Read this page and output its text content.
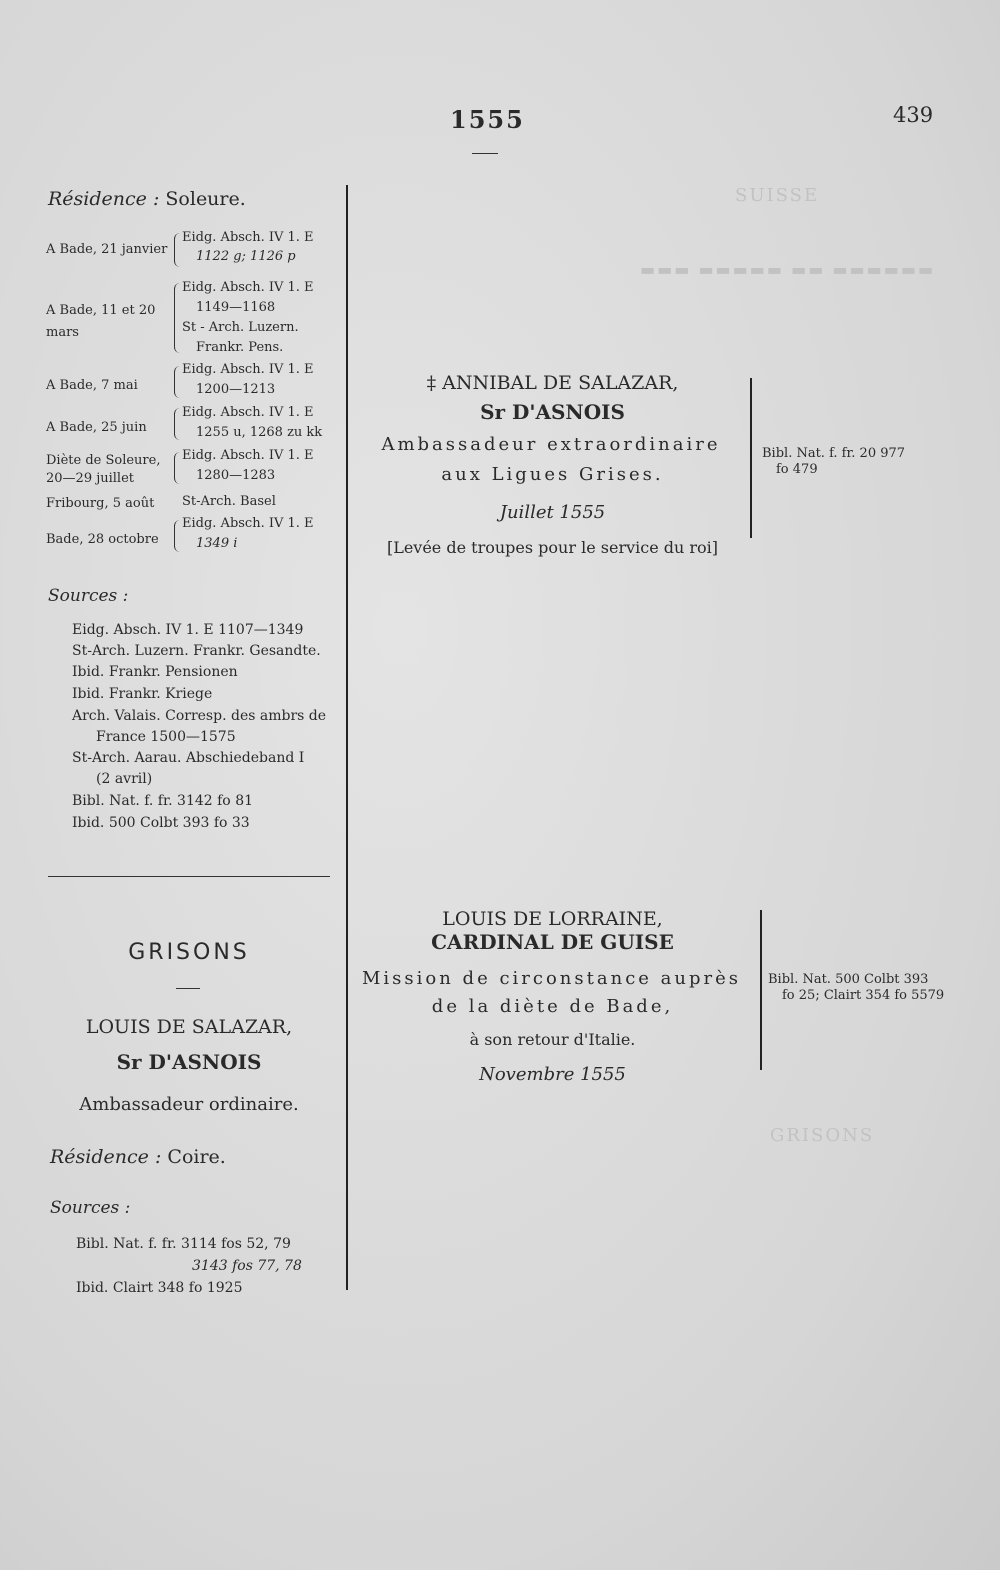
SUISSE
▬▬▬ ▬▬▬▬▬ ▬▬ ▬▬▬▬▬▬
GRISONS
1555	439
Résidence : Soleure.
A Bade, 21 janvier
Eidg. Absch. IV 1. E
1122 g; 1126 p
A Bade, 11 et 20 mars
Eidg. Absch. IV 1. E
1149—1168
St - Arch. Luzern.
Frankr. Pens.
A Bade, 7 mai
Eidg. Absch. IV 1. E
1200—1213
A Bade, 25 juin
Eidg. Absch. IV 1. E
1255 u, 1268 zu kk
Diète de Soleure, 20—29 juillet
Eidg. Absch. IV 1. E
1280—1283
Fribourg, 5 août St-Arch. Basel
Bade, 28 octobre
Eidg. Absch. IV 1. E
1349 i
Sources :
Eidg. Absch. IV 1. E 1107—1349
St-Arch. Luzern. Frankr. Gesandte.
Ibid. Frankr. Pensionen
Ibid. Frankr. Kriege
Arch. Valais. Corresp. des ambrs de
France 1500—1575
St-Arch. Aarau. Abschiedeband I
(2 avril)
Bibl. Nat. f. fr. 3142 fo 81
Ibid. 500 Colbt 393 fo 33
GRISONS
LOUIS DE SALAZAR,
Sr D'ASNOIS
Ambassadeur ordinaire.
Résidence : Coire.
Sources :
Bibl. Nat. f. fr. 3114 fos 52, 79
3143 fos 77, 78
Ibid. Clairt 348 fo 1925
‡ ANNIBAL DE SALAZAR,
Sr D'ASNOIS
Ambassadeur extraordinaire
aux Ligues Grises.
Juillet 1555
[Levée de troupes pour le service du roi]
Bibl. Nat. f. fr. 20 977
fo 479
LOUIS DE LORRAINE,
CARDINAL DE GUISE
Mission de circonstance auprès
de la diète de Bade,
à son retour d'Italie.
Novembre 1555
Bibl. Nat. 500 Colbt 393
fo 25; Clairt 354 fo 5579
